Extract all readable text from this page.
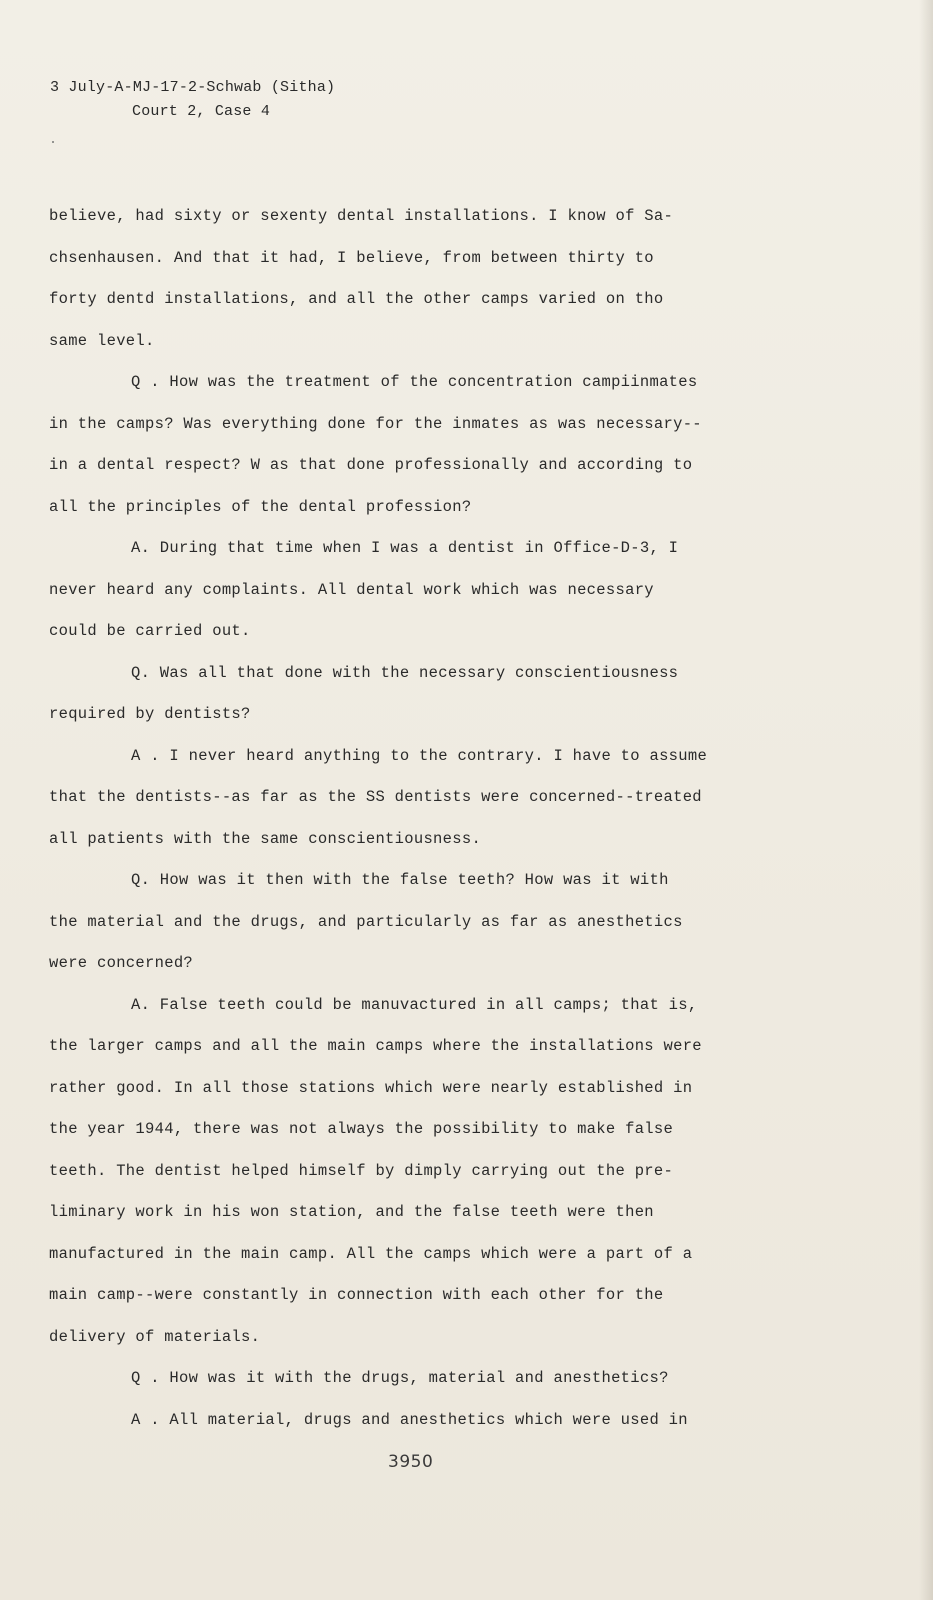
3 July-A-MJ-17-2-Schwab (Sitha)
Court 2, Case 4
believe, had sixty or sexenty dental installations. I know of Sa-
chsenhausen. And that it had, I believe, from between thirty to
forty dentd installations, and all the other camps varied on tho
same level.
Q . How was the treatment of the concentration campiinmates
in the camps? Was everything done for the inmates as was necessary--
in a dental respect? W as that done professionally and according to
all the principles of the dental profession?
A. During that time when I was a dentist in Office-D-3, I
never heard any complaints. All dental work which was necessary
could be carried out.
Q. Was all that done with the necessary conscientiousness
required by dentists?
A . I never heard anything to the contrary. I have to assume
that the dentists--as far as the SS dentists were concerned--treated
all patients with the same conscientiousness.
Q. How was it then with the false teeth? How was it with
the material and the drugs, and particularly as far as anesthetics
were concerned?
A. False teeth could be manuvactured in all camps; that is,
the larger camps and all the main camps where the installations were
rather good. In all those stations which were nearly established in
the year 1944, there was not always the possibility to make false
teeth. The dentist helped himself by dimply carrying out the pre-
liminary work in his won station, and the false teeth were then
manufactured in the main camp. All the camps which were a part of a
main camp--were constantly in connection with each other for the
delivery of materials.
Q . How was it with the drugs, material and anesthetics?
A . All material, drugs and anesthetics which were used in
3950
